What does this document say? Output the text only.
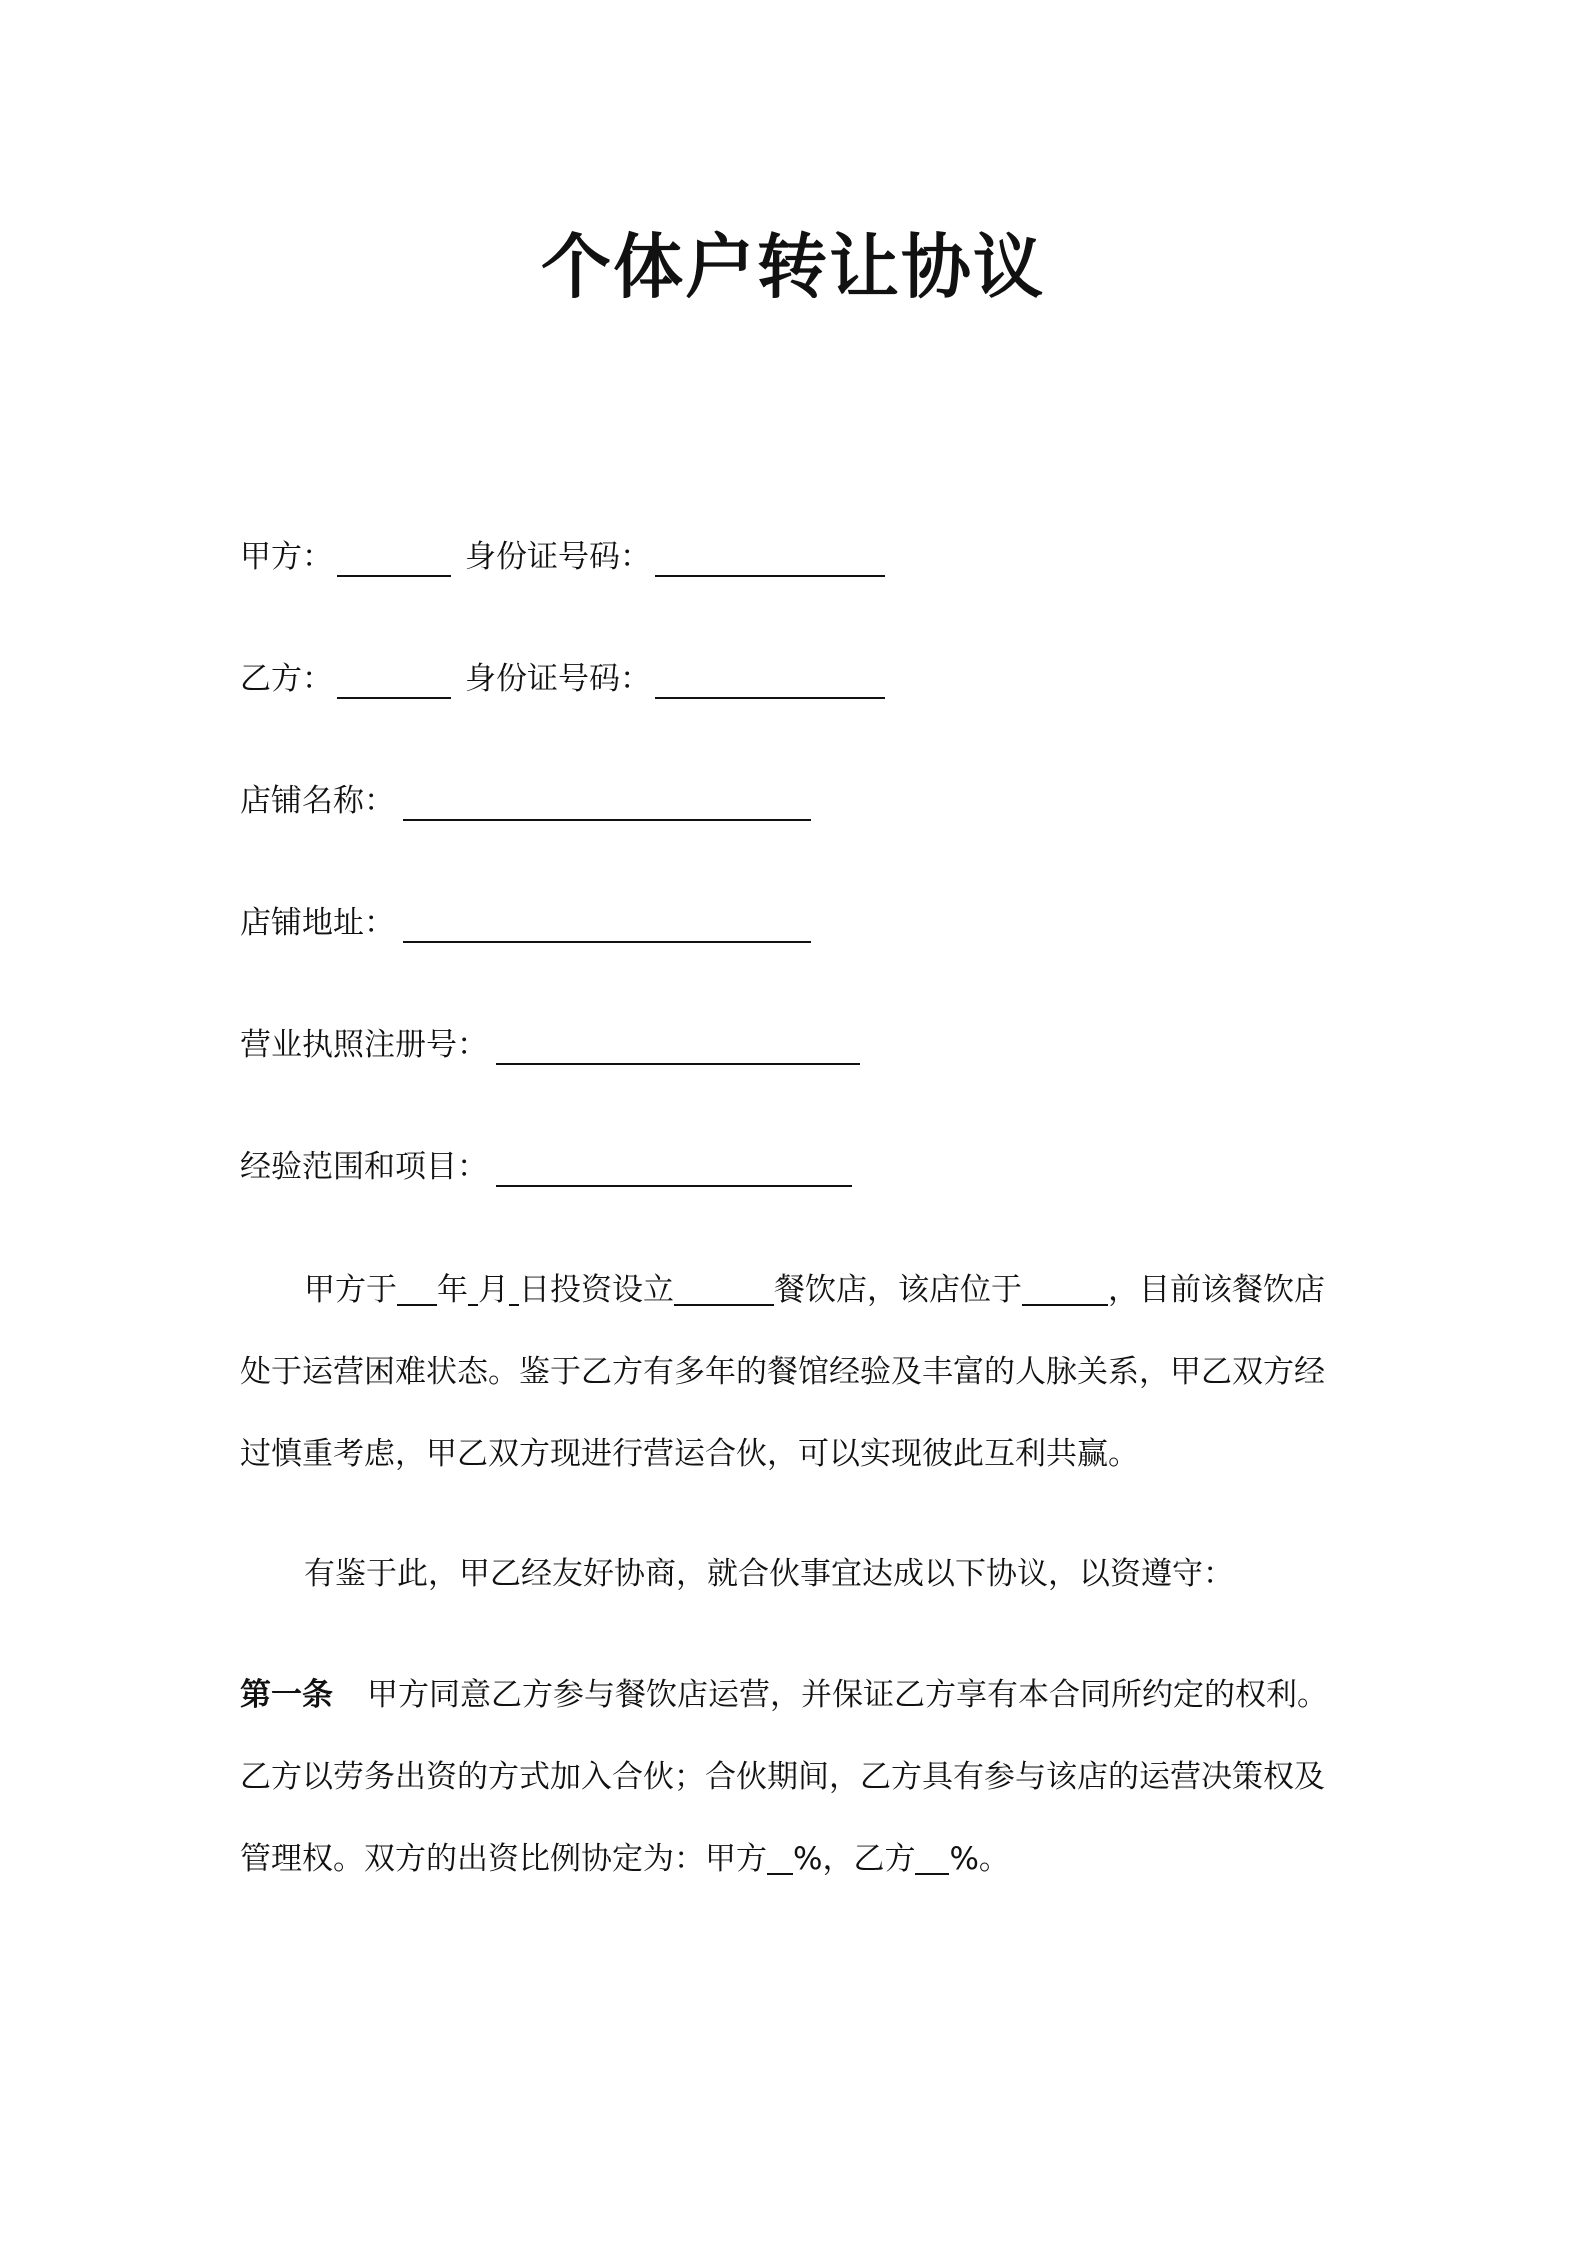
个体户转让协议
甲方：	身份证号码：
乙方：	身份证号码：
店铺名称：
店铺地址：
营业执照注册号：
经验范围和项目：
甲方于 年 月 日投资设立	餐饮店，该店位于	，目前该餐饮店
处于运营困难状态。鉴于乙方有多年的餐馆经验及丰富的人脉关系，甲乙双方经
过慎重考虑，甲乙双方现进行营运合伙，可以实现彼此互利共赢。
有鉴于此，甲乙经友好协商，就合伙事宜达成以下协议，以资遵守：
第一条 甲方同意乙方参与餐饮店运营，并保证乙方享有本合同所约定的权利。
乙方以劳务出资的方式加入合伙；合伙期间，乙方具有参与该店的运营决策权及
管理权。双方的出资比例协定为：甲方 %，乙方 %。
